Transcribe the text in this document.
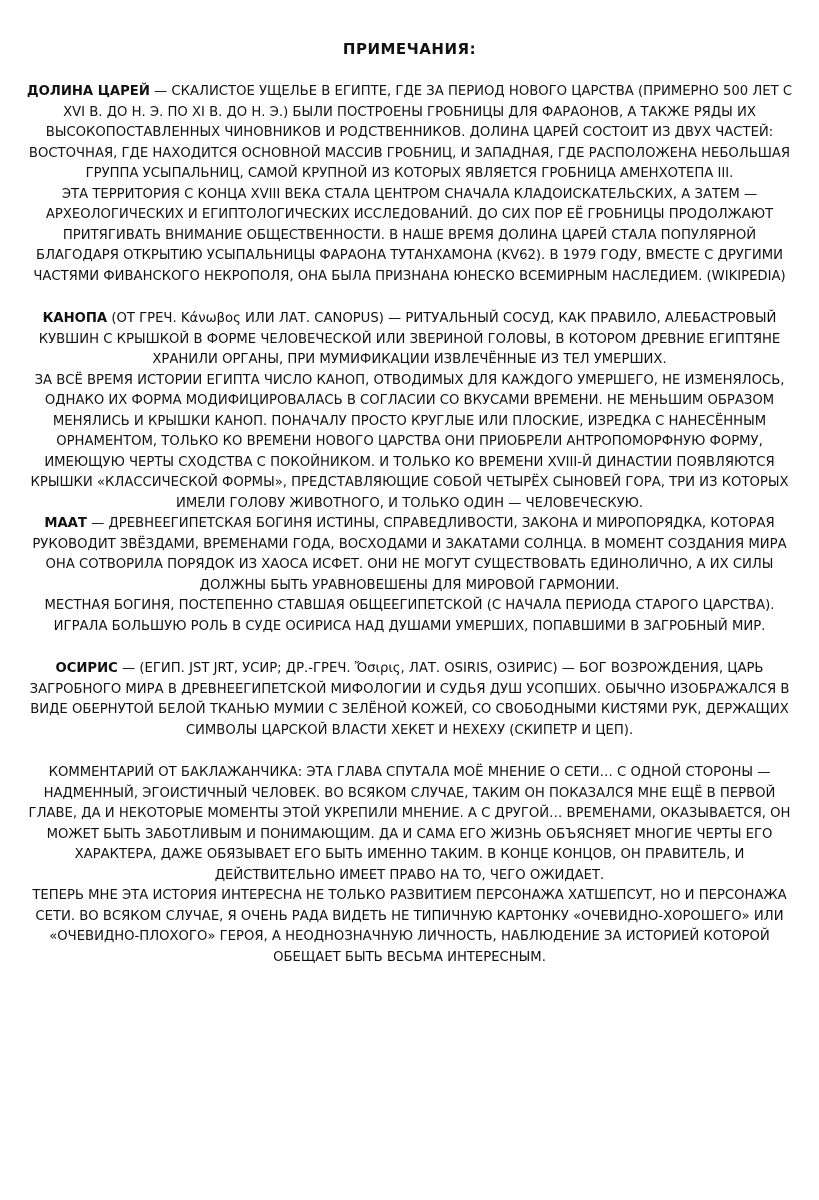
ПРИМЕЧАНИЯ:

ДОЛИНА ЦАРЕЙ — СКАЛИСТОЕ УЩЕЛЬЕ В ЕГИПТЕ, ГДЕ ЗА ПЕРИОД НОВОГО ЦАРСТВА (ПРИМЕРНО 500 ЛЕТ С XVI В. ДО Н. Э. ПО XI В. ДО Н. Э.) БЫЛИ ПОСТРОЕНЫ ГРОБНИЦЫ ДЛЯ ФАРАОНОВ, А ТАКЖЕ РЯДЫ ИХ ВЫСОКОПОСТАВЛЕННЫХ ЧИНОВНИКОВ И РОДСТВЕННИКОВ. ДОЛИНА ЦАРЕЙ СОСТОИТ ИЗ ДВУХ ЧАСТЕЙ: ВОСТОЧНАЯ, ГДЕ НАХОДИТСЯ ОСНОВНОЙ МАССИВ ГРОБНИЦ, И ЗАПАДНАЯ, ГДЕ РАСПОЛОЖЕНА НЕБОЛЬШАЯ ГРУППА УСЫПАЛЬНИЦ, САМОЙ КРУПНОЙ ИЗ КОТОРЫХ ЯВЛЯЕТСЯ ГРОБНИЦА АМЕНХОТЕПА III.

ЭТА ТЕРРИТОРИЯ С КОНЦА XVIII ВЕКА СТАЛА ЦЕНТРОМ СНАЧАЛА КЛАДОИСКАТЕЛЬСКИХ, А ЗАТЕМ — АРХЕОЛОГИЧЕСКИХ И ЕГИПТОЛОГИЧЕСКИХ ИССЛЕДОВАНИЙ. ДО СИХ ПОР ЕЁ ГРОБНИЦЫ ПРОДОЛЖАЮТ ПРИТЯГИВАТЬ ВНИМАНИЕ ОБЩЕСТВЕННОСТИ. В НАШЕ ВРЕМЯ ДОЛИНА ЦАРЕЙ СТАЛА ПОПУЛЯРНОЙ БЛАГОДАРЯ ОТКРЫТИЮ УСЫПАЛЬНИЦЫ ФАРАОНА ТУТАНХАМОНА (KV62). В 1979 ГОДУ, ВМЕСТЕ С ДРУГИМИ ЧАСТЯМИ ФИВАНСКОГО НЕКРОПОЛЯ, ОНА БЫЛА ПРИЗНАНА ЮНЕСКО ВСЕМИРНЫМ НАСЛЕДИЕМ. (WIKIPEDIA)

КАНОПА (ОТ ГРЕЧ. Κάνωβος ИЛИ ЛАТ. CANOPUS) — РИТУАЛЬНЫЙ СОСУД, КАК ПРАВИЛО, АЛЕБАСТРОВЫЙ КУВШИН С КРЫШКОЙ В ФОРМЕ ЧЕЛОВЕЧЕСКОЙ ИЛИ ЗВЕРИНОЙ ГОЛОВЫ, В КОТОРОМ ДРЕВНИЕ ЕГИПТЯНЕ ХРАНИЛИ ОРГАНЫ, ПРИ МУМИФИКАЦИИ ИЗВЛЕЧЁННЫЕ ИЗ ТЕЛ УМЕРШИХ.

ЗА ВСЁ ВРЕМЯ ИСТОРИИ ЕГИПТА ЧИСЛО КАНОП, ОТВОДИМЫХ ДЛЯ КАЖДОГО УМЕРШЕГО, НЕ ИЗМЕНЯЛОСЬ, ОДНАКО ИХ ФОРМА МОДИФИЦИРОВАЛАСЬ В СОГЛАСИИ СО ВКУСАМИ ВРЕМЕНИ. НЕ МЕНЬШИМ ОБРАЗОМ МЕНЯЛИСЬ И КРЫШКИ КАНОП. ПОНАЧАЛУ ПРОСТО КРУГЛЫЕ ИЛИ ПЛОСКИЕ, ИЗРЕДКА С НАНЕСЁННЫМ ОРНАМЕНТОМ, ТОЛЬКО КО ВРЕМЕНИ НОВОГО ЦАРСТВА ОНИ ПРИОБРЕЛИ АНТРОПОМОРФНУЮ ФОРМУ, ИМЕЮЩУЮ ЧЕРТЫ СХОДСТВА С ПОКОЙНИКОМ. И ТОЛЬКО КО ВРЕМЕНИ XVIII-Й ДИНАСТИИ ПОЯВЛЯЮТСЯ КРЫШКИ «КЛАССИЧЕСКОЙ ФОРМЫ», ПРЕДСТАВЛЯЮЩИЕ СОБОЙ ЧЕТЫРЁХ СЫНОВЕЙ ГОРА, ТРИ ИЗ КОТОРЫХ ИМЕЛИ ГОЛОВУ ЖИВОТНОГО, И ТОЛЬКО ОДИН — ЧЕЛОВЕЧЕСКУЮ.

МААТ — ДРЕВНЕЕГИПЕТСКАЯ БОГИНЯ ИСТИНЫ, СПРАВЕДЛИВОСТИ, ЗАКОНА И МИРОПОРЯДКА, КОТОРАЯ РУКОВОДИТ ЗВЁЗДАМИ, ВРЕМЕНАМИ ГОДА, ВОСХОДАМИ И ЗАКАТАМИ СОЛНЦА. В МОМЕНТ СОЗДАНИЯ МИРА ОНА СОТВОРИЛА ПОРЯДОК ИЗ ХАОСА ИСФЕТ. ОНИ НЕ МОГУТ СУЩЕСТВОВАТЬ ЕДИНОЛИЧНО, А ИХ СИЛЫ ДОЛЖНЫ БЫТЬ УРАВНОВЕШЕНЫ ДЛЯ МИРОВОЙ ГАРМОНИИ.

МЕСТНАЯ БОГИНЯ, ПОСТЕПЕННО СТАВШАЯ ОБЩЕЕГИПЕТСКОЙ (С НАЧАЛА ПЕРИОДА СТАРОГО ЦАРСТВА). ИГРАЛА БОЛЬШУЮ РОЛЬ В СУДЕ ОСИРИСА НАД ДУШАМИ УМЕРШИХ, ПОПАВШИМИ В ЗАГРОБНЫЙ МИР.

ОСИРИС — (ЕГИП. JST JRT, УСИР; ДР.-ГРЕЧ. Ὄσιρις, ЛАТ. OSIRIS, ОЗИРИС) — БОГ ВОЗРОЖДЕНИЯ, ЦАРЬ ЗАГРОБНОГО МИРА В ДРЕВНЕЕГИПЕТСКОЙ МИФОЛОГИИ И СУДЬЯ ДУШ УСОПШИХ. ОБЫЧНО ИЗОБРАЖАЛСЯ В ВИДЕ ОБЕРНУТОЙ БЕЛОЙ ТКАНЬЮ МУМИИ С ЗЕЛЁНОЙ КОЖЕЙ, СО СВОБОДНЫМИ КИСТЯМИ РУК, ДЕРЖАЩИХ СИМВОЛЫ ЦАРСКОЙ ВЛАСТИ ХЕКЕТ И НЕХЕХУ (СКИПЕТР И ЦЕП).

КОММЕНТАРИЙ ОТ БАКЛАЖАНЧИКА: ЭТА ГЛАВА СПУТАЛА МОЁ МНЕНИЕ О СЕТИ… С ОДНОЙ СТОРОНЫ — НАДМЕННЫЙ, ЭГОИСТИЧНЫЙ ЧЕЛОВЕК. ВО ВСЯКОМ СЛУЧАЕ, ТАКИМ ОН ПОКАЗАЛСЯ МНЕ ЕЩЁ В ПЕРВОЙ ГЛАВЕ, ДА И НЕКОТОРЫЕ МОМЕНТЫ ЭТОЙ УКРЕПИЛИ МНЕНИЕ. А С ДРУГОЙ… ВРЕМЕНАМИ, ОКАЗЫВАЕТСЯ, ОН МОЖЕТ БЫТЬ ЗАБОТЛИВЫМ И ПОНИМАЮЩИМ. ДА И САМА ЕГО ЖИЗНЬ ОБЪЯСНЯЕТ МНОГИЕ ЧЕРТЫ ЕГО ХАРАКТЕРА, ДАЖЕ ОБЯЗЫВАЕТ ЕГО БЫТЬ ИМЕННО ТАКИМ. В КОНЦЕ КОНЦОВ, ОН ПРАВИТЕЛЬ, И ДЕЙСТВИТЕЛЬНО ИМЕЕТ ПРАВО НА ТО, ЧЕГО ОЖИДАЕТ.

ТЕПЕРЬ МНЕ ЭТА ИСТОРИЯ ИНТЕРЕСНА НЕ ТОЛЬКО РАЗВИТИЕМ ПЕРСОНАЖА ХАТШЕПСУТ, НО И ПЕРСОНАЖА СЕТИ. ВО ВСЯКОМ СЛУЧАЕ, Я ОЧЕНЬ РАДА ВИДЕТЬ НЕ ТИПИЧНУЮ КАРТОНКУ «ОЧЕВИДНО-ХОРОШЕГО» ИЛИ «ОЧЕВИДНО-ПЛОХОГО» ГЕРОЯ, А НЕОДНОЗНАЧНУЮ ЛИЧНОСТЬ, НАБЛЮДЕНИЕ ЗА ИСТОРИЕЙ КОТОРОЙ ОБЕЩАЕТ БЫТЬ ВЕСЬМА ИНТЕРЕСНЫМ.
